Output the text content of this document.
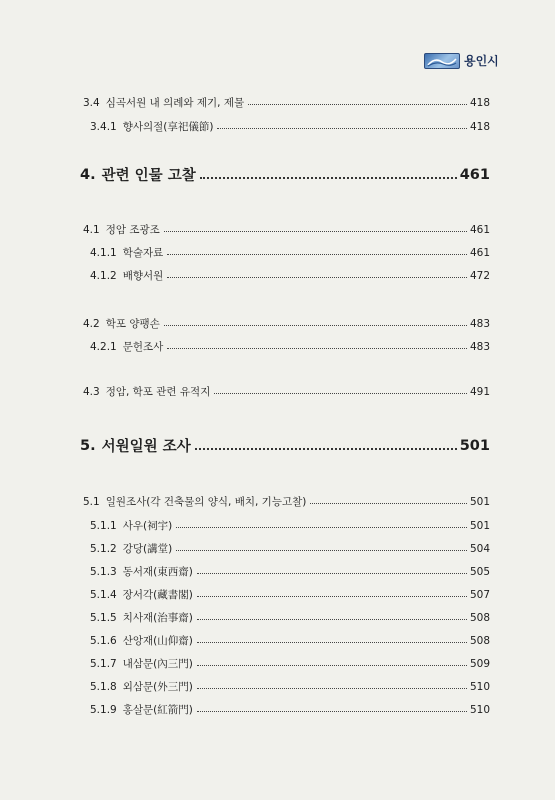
용인시
3.4 심곡서원 내 의례와 제기, 제물	418
3.4.1 향사의절(享祀儀節)	418
4. 관련 인물 고찰	461
4.1 정암 조광조	461
4.1.1 학술자료	461
4.1.2 배향서원	472
4.2 학포 양팽손	483
4.2.1 문헌조사	483
4.3 정암, 학포 관련 유적지	491
5. 서원일원 조사	501
5.1 일원조사(각 건축물의 양식, 배치, 기능고찰)	501
5.1.1 사우(祠宇)	501
5.1.2 강당(講堂)	504
5.1.3 동서재(東西齋)	505
5.1.4 장서각(藏書閣)	507
5.1.5 치사재(治事齋)	508
5.1.6 산앙재(山仰齋)	508
5.1.7 내삼문(內三門)	509
5.1.8 외삼문(外三門)	510
5.1.9 홍살문(紅箭門)	510
